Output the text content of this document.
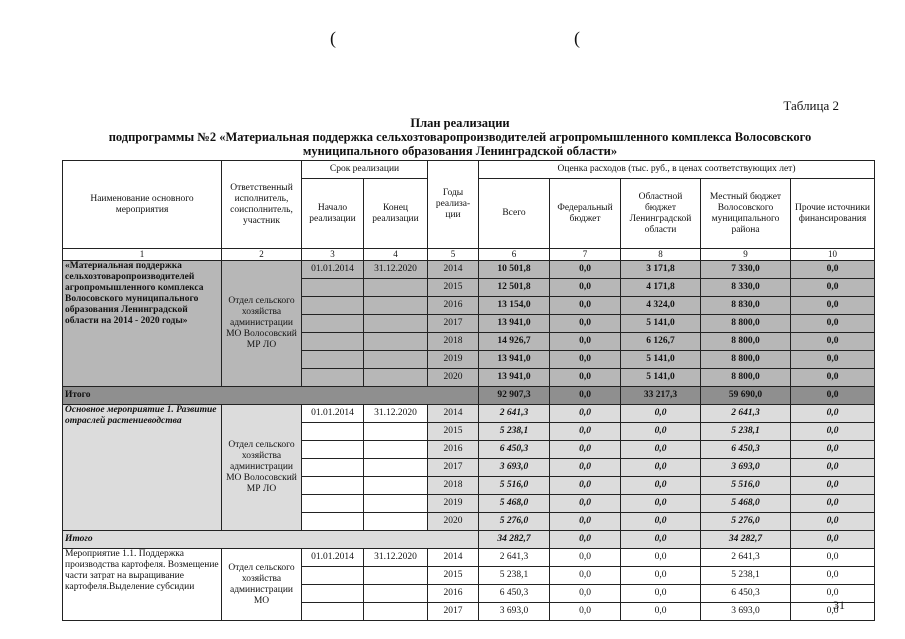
(	(
Таблица 2
План реализации
подпрограммы №2 «Материальная поддержка сельхозтоваропроизводителей агропромышленного комплекса Волосовского
муниципального образования Ленинградской области»
Наименование основного мероприятия	Ответственный исполнитель, соисполнитель, участник	Срок реализации		Годы реализа-ции	Оценка расходов (тыс. руб., в ценах соответствующих лет)				
		Начало реализации	Конец реализации		Всего	Федеральный бюджет	Областной бюджет Ленинградской области	Местный бюджет Волосовского муниципального района	Прочие источники финансирования
1	2	3	4	5	6	7	8	9	10
«Материальная поддержка сельхозтоваропроизводителей агропромышленного комплекса Волосовского муниципального образования Ленинградской области на 2014 - 2020 годы»	Отдел сельского хозяйства администрации МО Волосовский МР ЛО	01.01.2014	31.12.2020	2014	10 501,8	0,0	3 171,8	7 330,0	0,0
				2015	12 501,8	0,0	4 171,8	8 330,0	0,0
				2016	13 154,0	0,0	4 324,0	8 830,0	0,0
				2017	13 941,0	0,0	5 141,0	8 800,0	0,0
				2018	14 926,7	0,0	6 126,7	8 800,0	0,0
				2019	13 941,0	0,0	5 141,0	8 800,0	0,0
				2020	13 941,0	0,0	5 141,0	8 800,0	0,0
Итого					92 907,3	0,0	33 217,3	59 690,0	0,0
Основное мероприятие 1. Развитие отраслей растениеводства	Отдел сельского хозяйства администрации МО Волосовский МР ЛО	01.01.2014	31.12.2020	2014	2 641,3	0,0	0,0	2 641,3	0,0
				2015	5 238,1	0,0	0,0	5 238,1	0,0
				2016	6 450,3	0,0	0,0	6 450,3	0,0
				2017	3 693,0	0,0	0,0	3 693,0	0,0
				2018	5 516,0	0,0	0,0	5 516,0	0,0
				2019	5 468,0	0,0	0,0	5 468,0	0,0
				2020	5 276,0	0,0	0,0	5 276,0	0,0
Итого					34 282,7	0,0	0,0	34 282,7	0,0
Мероприятие 1.1. Поддержка производства картофеля. Возмещение части затрат на выращивание картофеля.Выделение субсидии	Отдел сельского хозяйства администрации МО	01.01.2014	31.12.2020	2014	2 641,3	0,0	0,0	2 641,3	0,0
				2015	5 238,1	0,0	0,0	5 238,1	0,0
				2016	6 450,3	0,0	0,0	6 450,3	0,0
				2017	3 693,0	0,0	0,0	3 693,0	0,0
31
